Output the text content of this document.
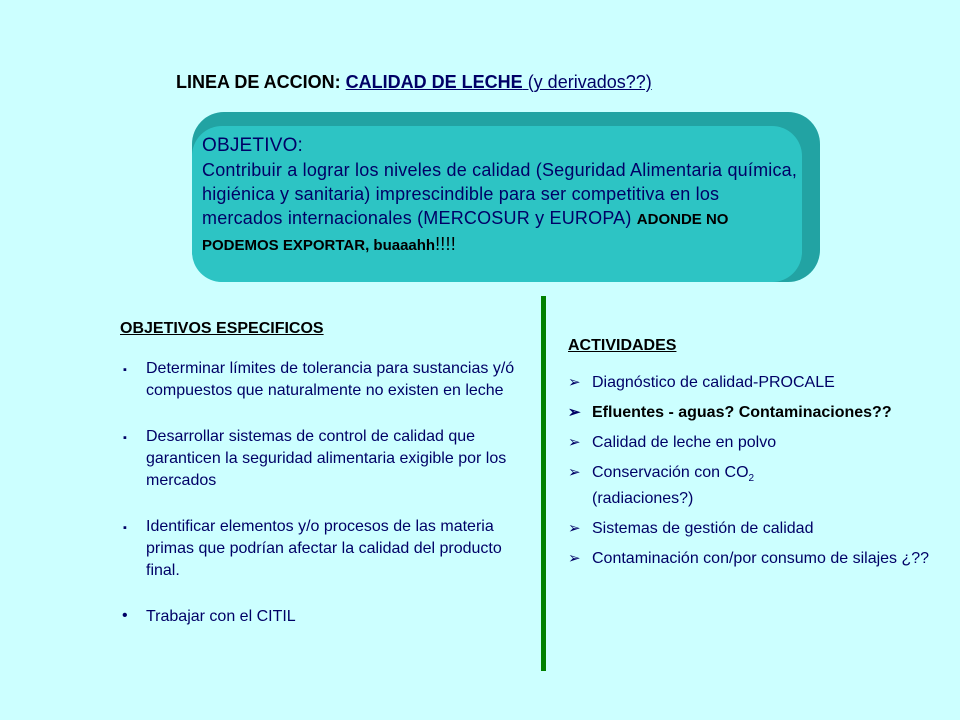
LINEA DE ACCION: CALIDAD DE LECHE (y derivados??)
OBJETIVO:
Contribuir a lograr los niveles de calidad (Seguridad Alimentaria química, higiénica y sanitaria) imprescindible para ser competitiva en los mercados internacionales (MERCOSUR y EUROPA) ADONDE NO PODEMOS EXPORTAR, buaaahh!!!!
OBJETIVOS ESPECIFICOS
▪ Determinar límites de tolerancia para sustancias y/ó compuestos que naturalmente no existen en leche
▪ Desarrollar sistemas de control de calidad que garanticen la seguridad alimentaria exigible por los mercados
▪ Identificar elementos y/o procesos de las materia primas que podrían afectar la calidad del producto final.
• Trabajar con el CITIL
ACTIVIDADES
➢ Diagnóstico de calidad-PROCALE
➢ Efluentes - aguas? Contaminaciones??
➢ Calidad de leche en polvo
➢ Conservación con $CO_2$
(radiaciones?)
➢ Sistemas de gestión de calidad
➢ Contaminación con/por consumo de silajes ¿??
